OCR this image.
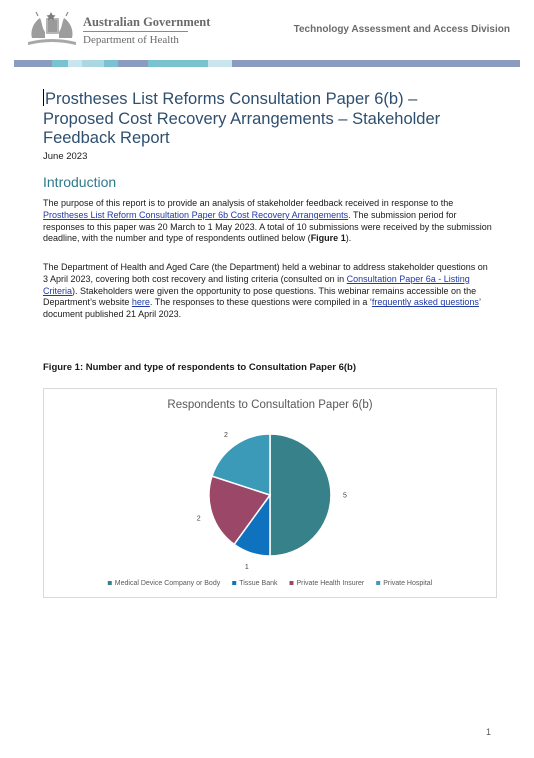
Australian Government
Department of Health
Technology Assessment and Access Division
Prostheses List Reforms Consultation Paper 6(b) – Proposed Cost Recovery Arrangements – Stakeholder Feedback Report
June 2023
Introduction
The purpose of this report is to provide an analysis of stakeholder feedback received in response to the Prostheses List Reform Consultation Paper 6b Cost Recovery Arrangements. The submission period for responses to this paper was 20 March to 1 May 2023. A total of 10 submissions were received by the submission deadline, with the number and type of respondents outlined below (Figure 1).
The Department of Health and Aged Care (the Department) held a webinar to address stakeholder questions on 3 April 2023, covering both cost recovery and listing criteria (consulted on in Consultation Paper 6a - Listing Criteria). Stakeholders were given the opportunity to pose questions. This webinar remains accessible on the Department’s website here. The responses to these questions were compiled in a ‘frequently asked questions’ document published 21 April 2023.
Figure 1: Number and type of respondents to Consultation Paper 6(b)
Respondents to Consultation Paper 6(b)
5
1
2
2
Medical Device Company or Body	Tissue Bank	Private Health Insurer	Private Hospital
1
